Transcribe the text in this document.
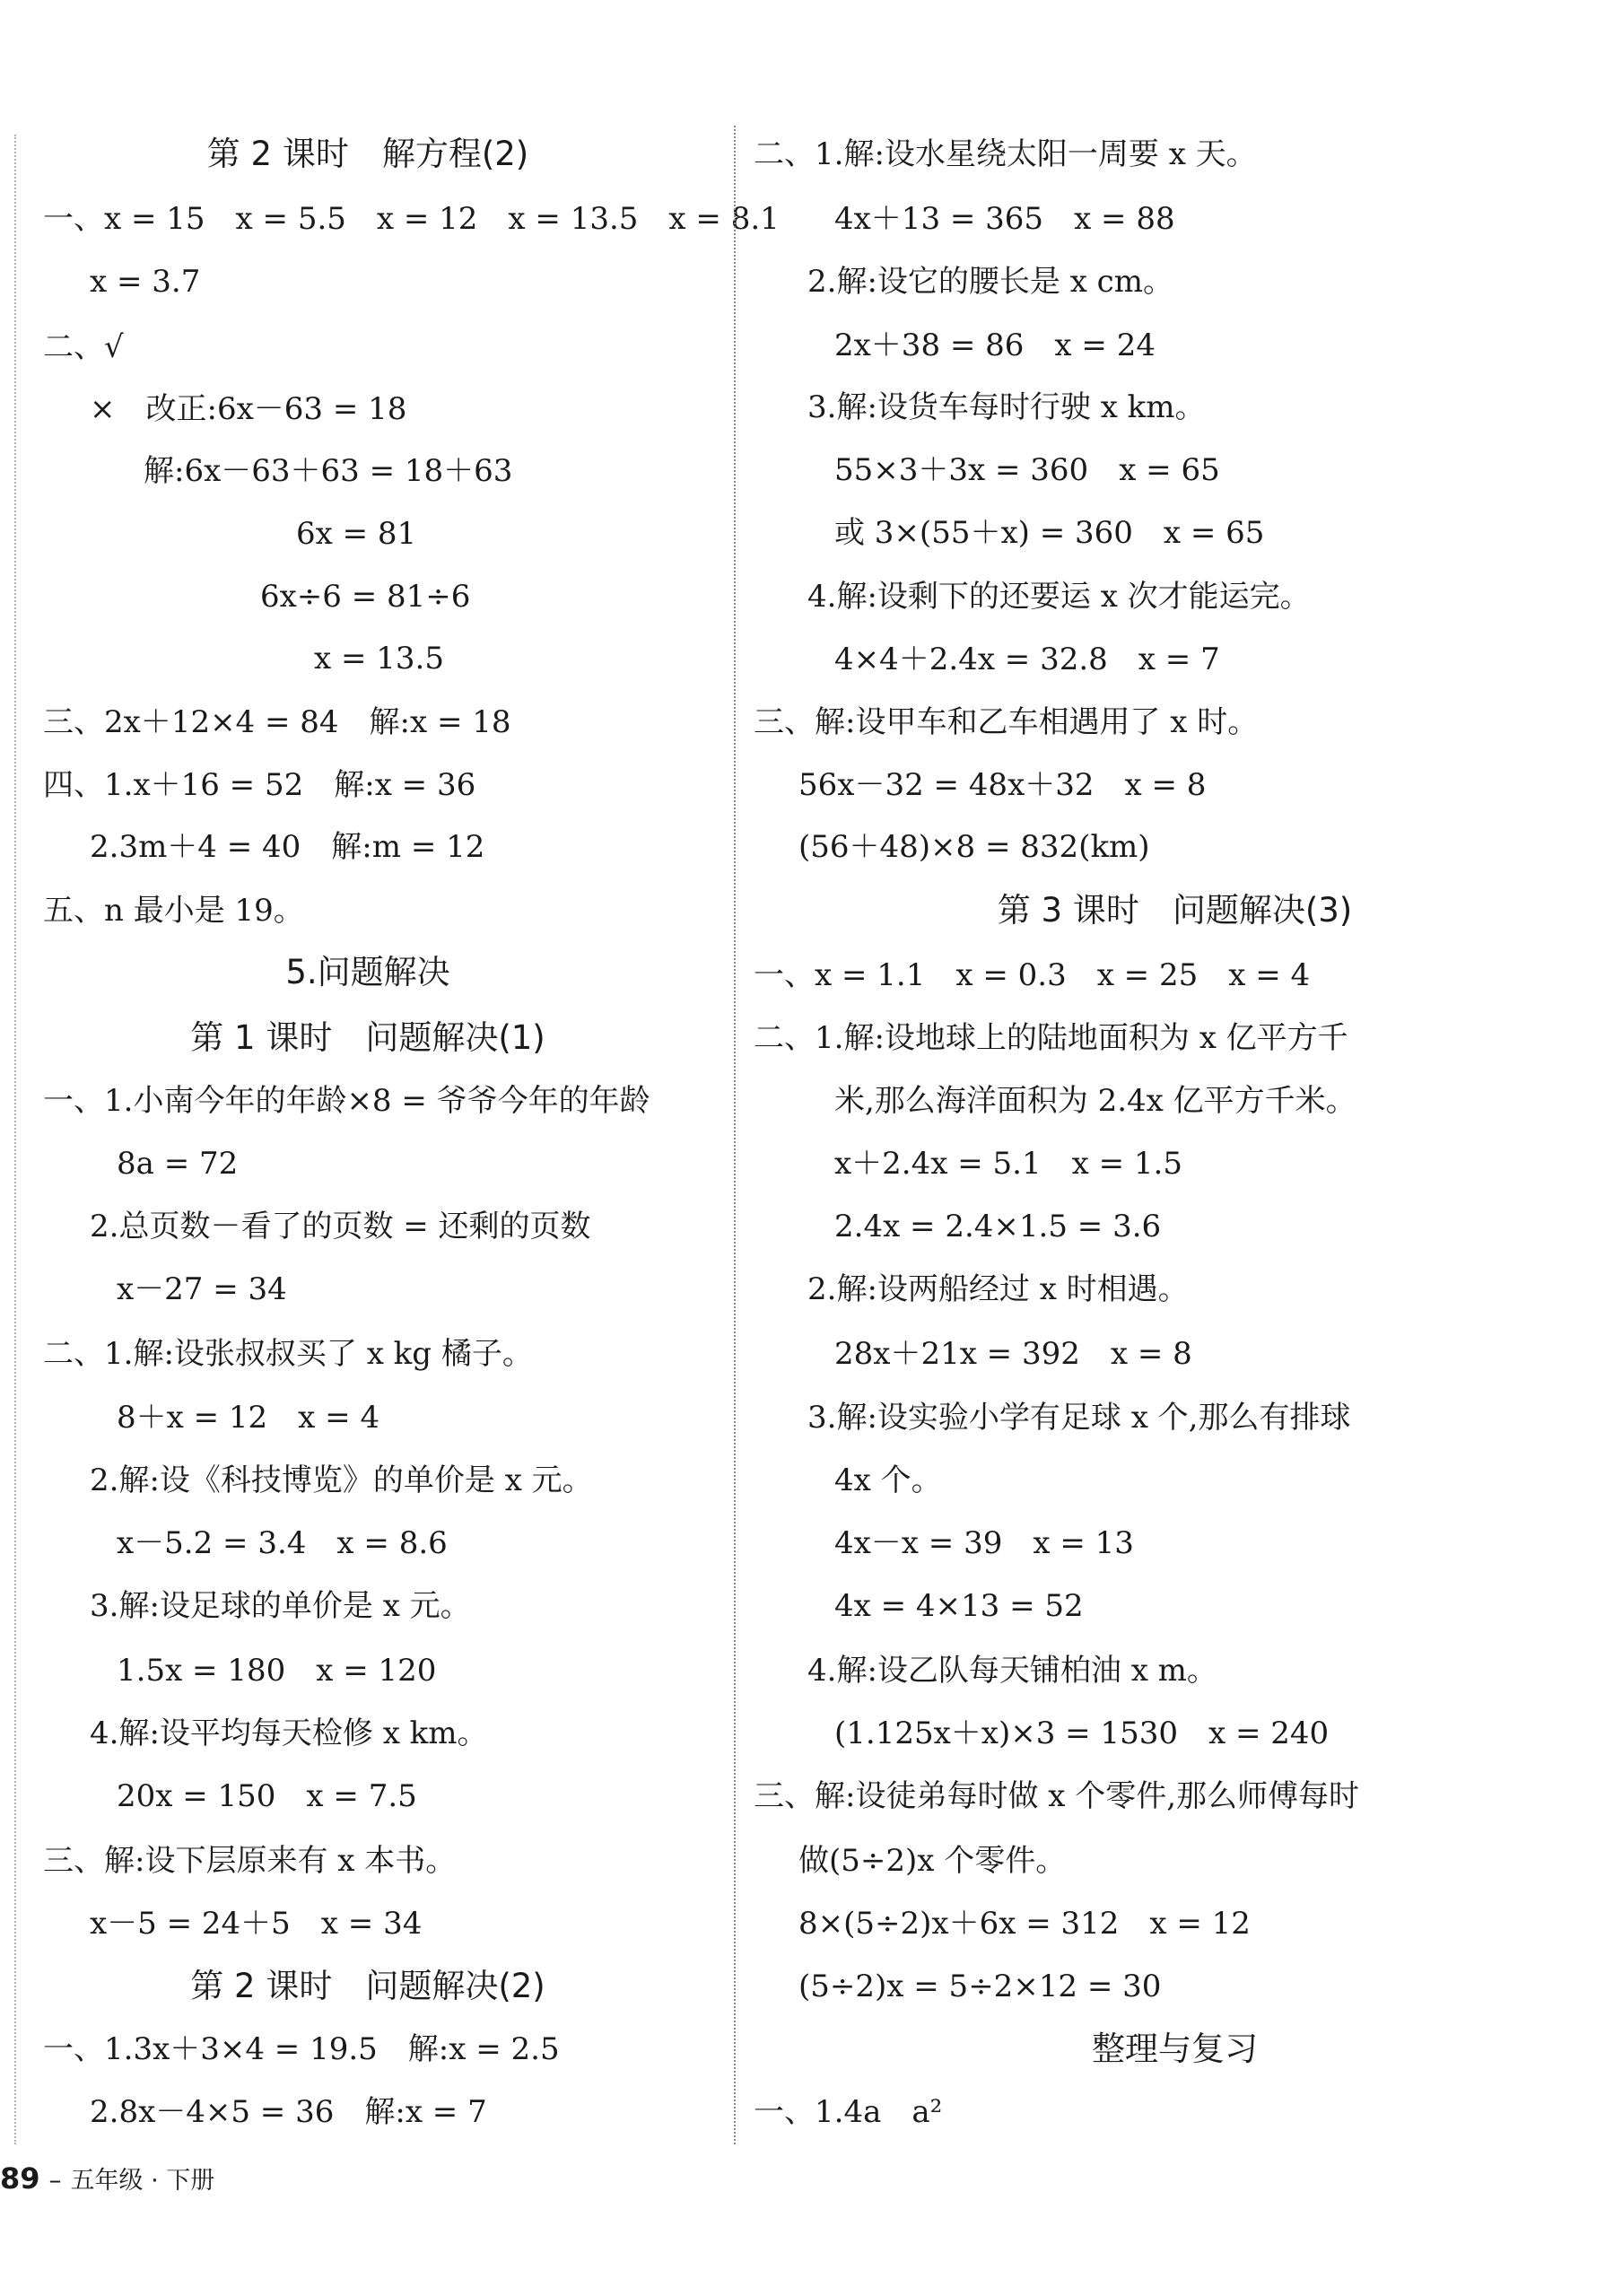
第 2 课时　解方程(2)
一、x = 15　x = 5.5　x = 12　x = 13.5　x = 8.1
x = 3.7
二、√
×　改正:6x－63 = 18
解:6x－63＋63 = 18＋63
6x = 81
6x÷6 = 81÷6
x = 13.5
三、2x＋12×4 = 84　解:x = 18
四、1.x＋16 = 52　解:x = 36
2.3m＋4 = 40　解:m = 12
五、n 最小是 19。
5.问题解决
第 1 课时　问题解决(1)
一、1.小南今年的年龄×8 = 爷爷今年的年龄
8a = 72
2.总页数－看了的页数 = 还剩的页数
x－27 = 34
二、1.解:设张叔叔买了 x kg 橘子。
8＋x = 12　x = 4
2.解:设《科技博览》的单价是 x 元。
x－5.2 = 3.4　x = 8.6
3.解:设足球的单价是 x 元。
1.5x = 180　x = 120
4.解:设平均每天检修 x km。
20x = 150　x = 7.5
三、解:设下层原来有 x 本书。
x－5 = 24＋5　x = 34
第 2 课时　问题解决(2)
一、1.3x＋3×4 = 19.5　解:x = 2.5
2.8x－4×5 = 36　解:x = 7
二、1.解:设水星绕太阳一周要 x 天。
4x＋13 = 365　x = 88
2.解:设它的腰长是 x cm。
2x＋38 = 86　x = 24
3.解:设货车每时行驶 x km。
55×3＋3x = 360　x = 65
或 3×(55＋x) = 360　x = 65
4.解:设剩下的还要运 x 次才能运完。
4×4＋2.4x = 32.8　x = 7
三、解:设甲车和乙车相遇用了 x 时。
56x－32 = 48x＋32　x = 8
(56＋48)×8 = 832(km)
第 3 课时　问题解决(3)
一、x = 1.1　x = 0.3　x = 25　x = 4
二、1.解:设地球上的陆地面积为 x 亿平方千
米,那么海洋面积为 2.4x 亿平方千米。
x＋2.4x = 5.1　x = 1.5
2.4x = 2.4×1.5 = 3.6
2.解:设两船经过 x 时相遇。
28x＋21x = 392　x = 8
3.解:设实验小学有足球 x 个,那么有排球
4x 个。
4x－x = 39　x = 13
4x = 4×13 = 52
4.解:设乙队每天铺柏油 x m。
(1.125x＋x)×3 = 1530　x = 240
三、解:设徒弟每时做 x 个零件,那么师傅每时
做(5÷2)x 个零件。
8×(5÷2)x＋6x = 312　x = 12
(5÷2)x = 5÷2×12 = 30
整理与复习
一、1.4a　a²
89 – 五年级 · 下册
